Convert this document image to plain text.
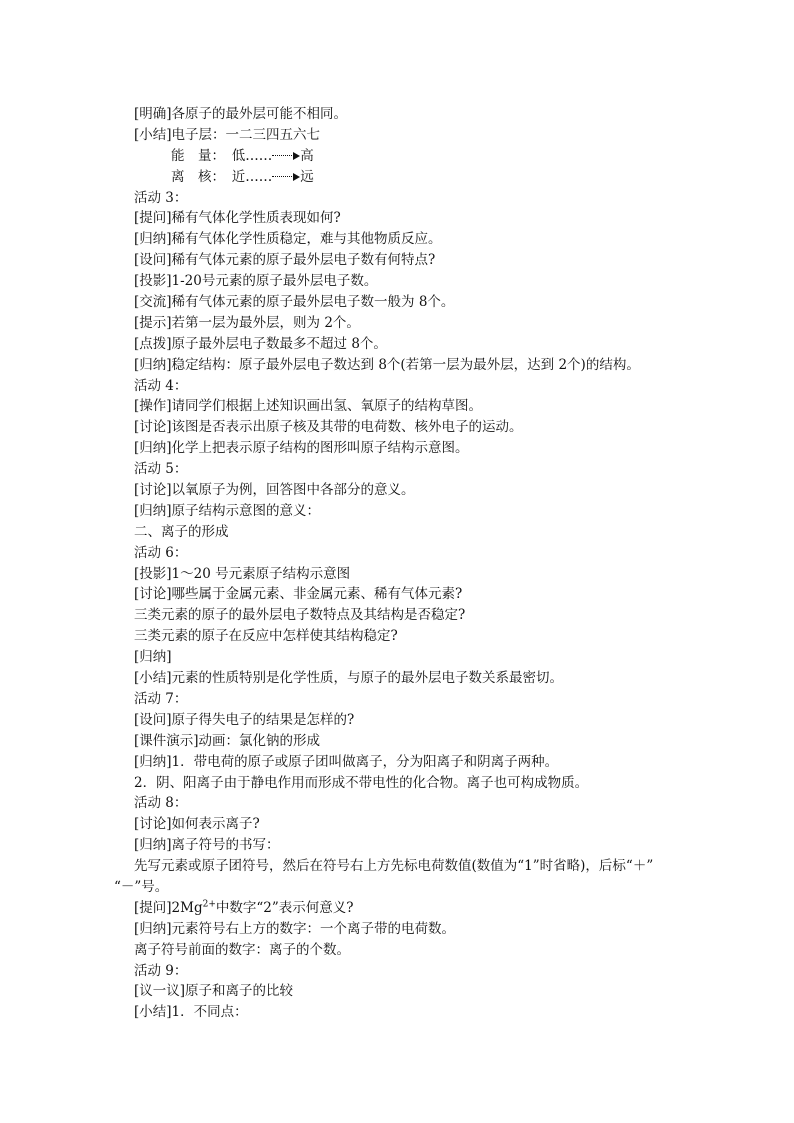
[明确]各原子的最外层可能不相同。
[小结]电子层：一二三四五六七
能　量：　低…… 高
离　核：　近…… 远
活动 3：
[提问]稀有气体化学性质表现如何?
[归纳]稀有气体化学性质稳定，难与其他物质反应。
[设问]稀有气体元素的原子最外层电子数有何特点?
[投影]1-20号元素的原子最外层电子数。
[交流]稀有气体元素的原子最外层电子数一般为 8个。
[提示]若第一层为最外层，则为 2个。
[点拨]原子最外层电子数最多不超过 8个。
[归纳]稳定结构：原子最外层电子数达到 8个(若第一层为最外层，达到 2个)的结构。
活动 4：
[操作]请同学们根据上述知识画出氢、氧原子的结构草图。
[讨论]该图是否表示出原子核及其带的电荷数、核外电子的运动。
[归纳]化学上把表示原子结构的图形叫原子结构示意图。
活动 5：
[讨论]以氧原子为例，回答图中各部分的意义。
[归纳]原子结构示意图的意义：
二、离子的形成
活动 6：
[投影]1～20 号元素原子结构示意图
[讨论]哪些属于金属元素、非金属元素、稀有气体元素?
三类元素的原子的最外层电子数特点及其结构是否稳定?
三类元素的原子在反应中怎样使其结构稳定?
[归纳]
[小结]元素的性质特别是化学性质，与原子的最外层电子数关系最密切。
活动 7：
[设问]原子得失电子的结果是怎样的?
[课件演示]动画：氯化钠的形成
[归纳]1．带电荷的原子或原子团叫做离子，分为阳离子和阴离子两种。
2．阴、阳离子由于静电作用而形成不带电性的化合物。离子也可构成物质。
活动 8：
[讨论]如何表示离子?
[归纳]离子符号的书写：
先写元素或原子团符号，然后在符号右上方先标电荷数值(数值为“1”时省略)，后标“＋”
“－”号。
[提问]$2Mg^{2+}$中数字“2”表示何意义?
[归纳]元素符号右上方的数字：一个离子带的电荷数。
离子符号前面的数字：离子的个数。
活动 9：
[议一议]原子和离子的比较
[小结]1．不同点：
